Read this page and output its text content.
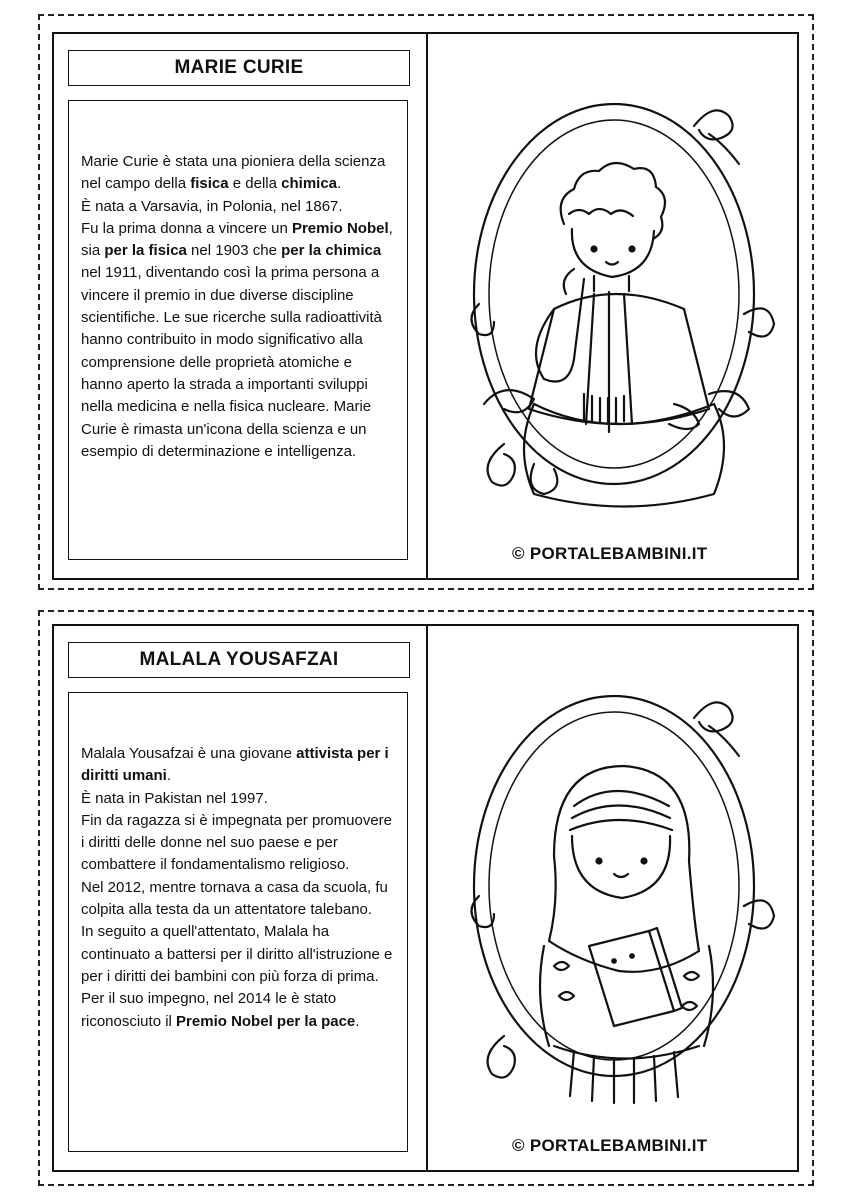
MARIE CURIE

Marie Curie è stata una pioniera della scienza nel campo della fisica e della chimica.

È nata a Varsavia, in Polonia, nel 1867.

Fu la prima donna a vincere un Premio Nobel, sia per la fisica nel 1903 che per la chimica nel 1911, diventando così la prima persona a vincere il premio in due diverse discipline scientifiche. Le sue ricerche sulla radioattività hanno contribuito in modo significativo alla comprensione delle proprietà atomiche e hanno aperto la strada a importanti sviluppi nella medicina e nella fisica nucleare. Marie Curie è rimasta un'icona della scienza e un esempio di determinazione e intelligenza.

© PORTALEBAMBINI.IT
MALALA YOUSAFZAI

Malala Yousafzai è una giovane attivista per i diritti umani.

È nata in Pakistan nel 1997.

Fin da ragazza si è impegnata per promuovere i diritti delle donne nel suo paese e per combattere il fondamentalismo religioso.

Nel 2012, mentre tornava a casa da scuola, fu colpita alla testa da un attentatore talebano.

In seguito a quell'attentato, Malala ha continuato a battersi per il diritto all'istruzione e per i diritti dei bambini con più forza di prima. Per il suo impegno, nel 2014 le è stato riconosciuto il Premio Nobel per la pace.

© PORTALEBAMBINI.IT
